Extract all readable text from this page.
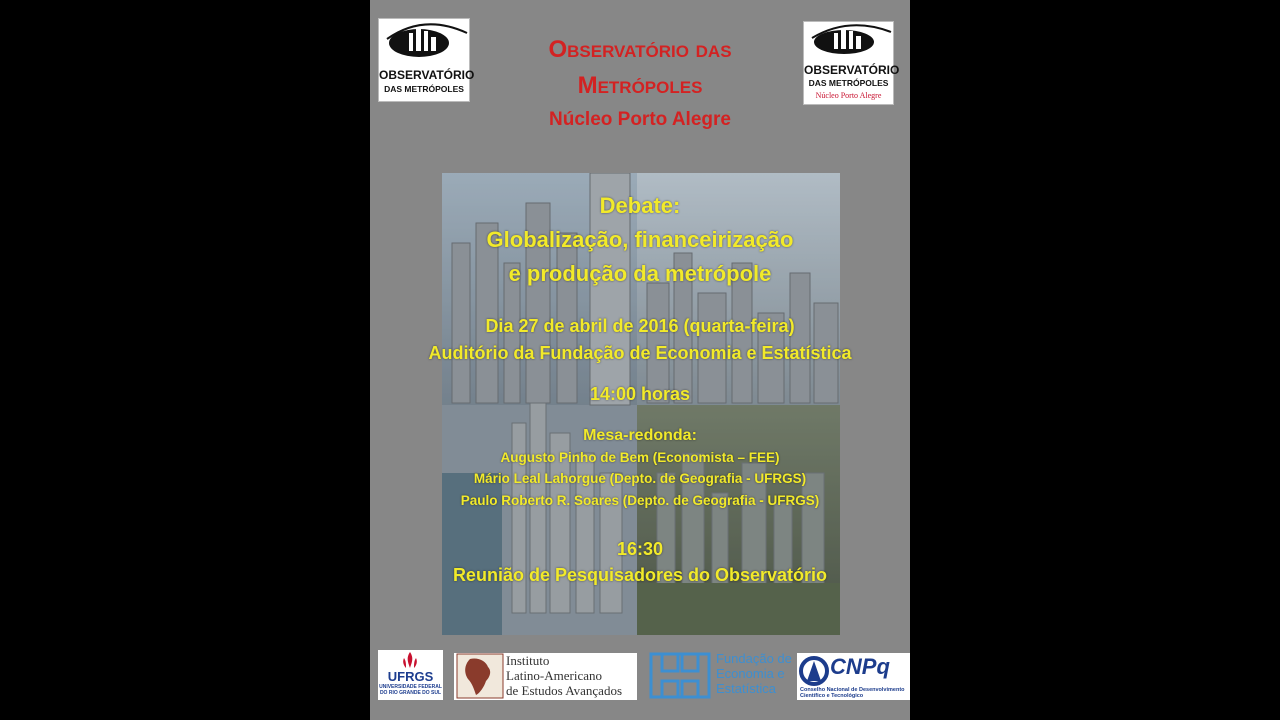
OBSERVATÓRIO
DAS METRÓPOLES
OBSERVATÓRIO
DAS METRÓPOLES
Núcleo Porto Alegre
Observatório das
Metrópoles
Núcleo Porto Alegre
Debate:
Globalização, financeirização
e produção da metrópole
Dia 27 de abril de 2016 (quarta-feira)
Auditório da Fundação de Economia e Estatística
14:00 horas
Mesa-redonda:
Augusto Pinho de Bem (Economista – FEE)
Mário Leal Lahorgue (Depto. de Geografia - UFRGS)
Paulo Roberto R. Soares (Depto. de Geografia - UFRGS)
16:30
Reunião de Pesquisadores do Observatório
UFRGS
UNIVERSIDADE FEDERAL
DO RIO GRANDE DO SUL
Instituto
Latino-Americano
de Estudos Avançados
Fundação de
Economia e
Estatística
CNPq
Conselho Nacional de Desenvolvimento
Científico e Tecnológico
